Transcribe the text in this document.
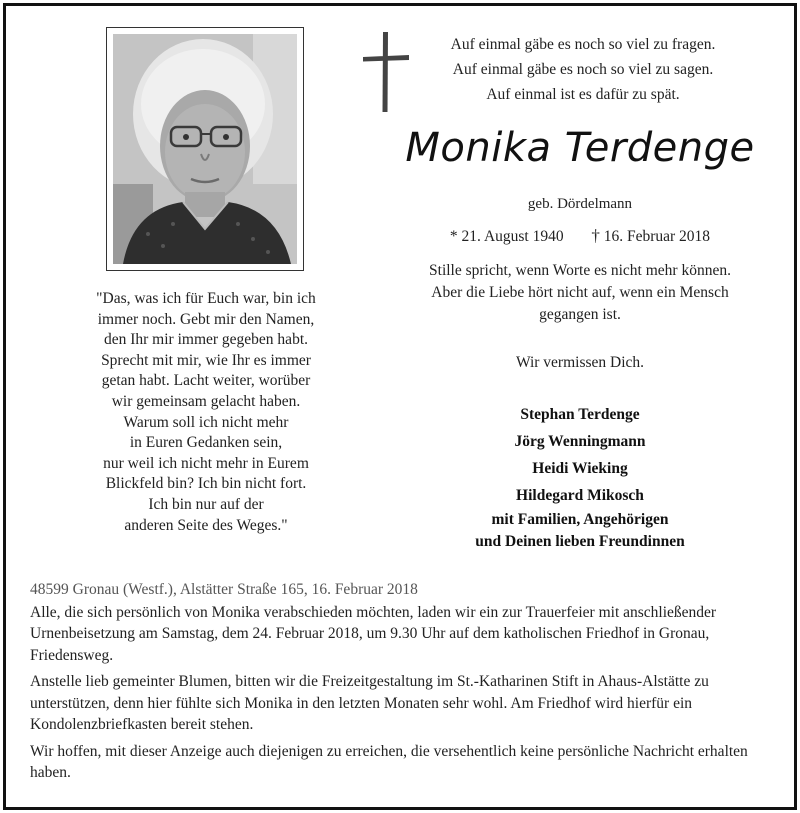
Auf einmal gäbe es noch so viel zu fragen.
Auf einmal gäbe es noch so viel zu sagen.
Auf einmal ist es dafür zu spät.
Monika Terdenge
geb. Dördelmann
* 21. August 1940 † 16. Februar 2018
Stille spricht, wenn Worte es nicht mehr können.
Aber die Liebe hört nicht auf, wenn ein Mensch
gegangen ist.
Wir vermissen Dich.
Stephan Terdenge
Jörg Wenningmann
Heidi Wieking
Hildegard Mikosch
mit Familien, Angehörigen
und Deinen lieben Freundinnen
"Das, was ich für Euch war, bin ich
immer noch. Gebt mir den Namen,
den Ihr mir immer gegeben habt.
Sprecht mit mir, wie Ihr es immer
getan habt. Lacht weiter, worüber
wir gemeinsam gelacht haben.
Warum soll ich nicht mehr
in Euren Gedanken sein,
nur weil ich nicht mehr in Eurem
Blickfeld bin? Ich bin nicht fort.
Ich bin nur auf der
anderen Seite des Weges."

48599 Gronau (Westf.), Alstätter Straße 165, 16. Februar 2018

Alle, die sich persönlich von Monika verabschieden möchten, laden wir ein zur Trauerfeier mit anschließender Urnenbeisetzung am Samstag, dem 24. Februar 2018, um 9.30 Uhr auf dem katholischen Friedhof in Gronau, Friedensweg.

Anstelle lieb gemeinter Blumen, bitten wir die Freizeitgestaltung im St.-Katharinen Stift in Ahaus-Alstätte zu unterstützen, denn hier fühlte sich Monika in den letzten Monaten sehr wohl. Am Friedhof wird hierfür ein Kondolenzbriefkasten bereit stehen.

Wir hoffen, mit dieser Anzeige auch diejenigen zu erreichen, die versehentlich keine persönliche Nachricht erhalten haben.
